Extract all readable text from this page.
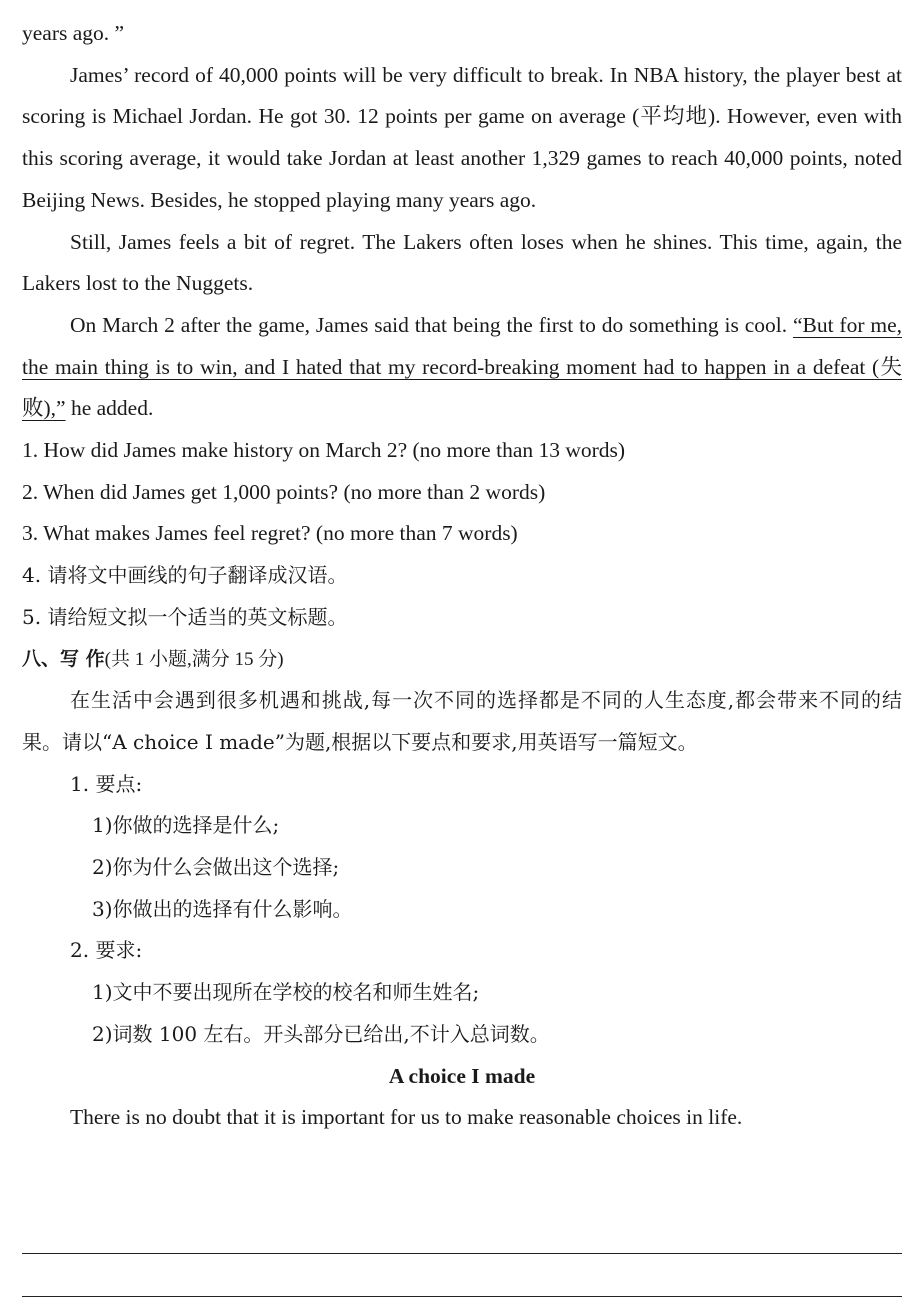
years ago. ”

James’ record of 40,000 points will be very difficult to break. In NBA history, the player best at scoring is Michael Jordan. He got 30. 12 points per game on average (平均地). However, even with this scoring average, it would take Jordan at least another 1,329 games to reach 40,000 points, noted Beijing News. Besides, he stopped playing many years ago.

Still, James feels a bit of regret. The Lakers often loses when he shines. This time, again, the Lakers lost to the Nuggets.

On March 2 after the game, James said that being the first to do something is cool. “But for me, the main thing is to win, and I hated that my record-breaking moment had to happen in a defeat (失败),” he added.

1. How did James make history on March 2? (no more than 13 words)

2. When did James get 1,000 points? (no more than 2 words)

3. What makes James feel regret? (no more than 7 words)

4. 请将文中画线的句子翻译成汉语。

5. 请给短文拟一个适当的英文标题。

八、写 作(共 1 小题,满分 15 分)

在生活中会遇到很多机遇和挑战,每一次不同的选择都是不同的人生态度,都会带来不同的结果。请以“A choice I made”为题,根据以下要点和要求,用英语写一篇短文。

1. 要点:

1)你做的选择是什么;

2)你为什么会做出这个选择;

3)你做出的选择有什么影响。

2. 要求:

1)文中不要出现所在学校的校名和师生姓名;

2)词数 100 左右。开头部分已给出,不计入总词数。

A choice I made

There is no doubt that it is important for us to make reasonable choices in life.
